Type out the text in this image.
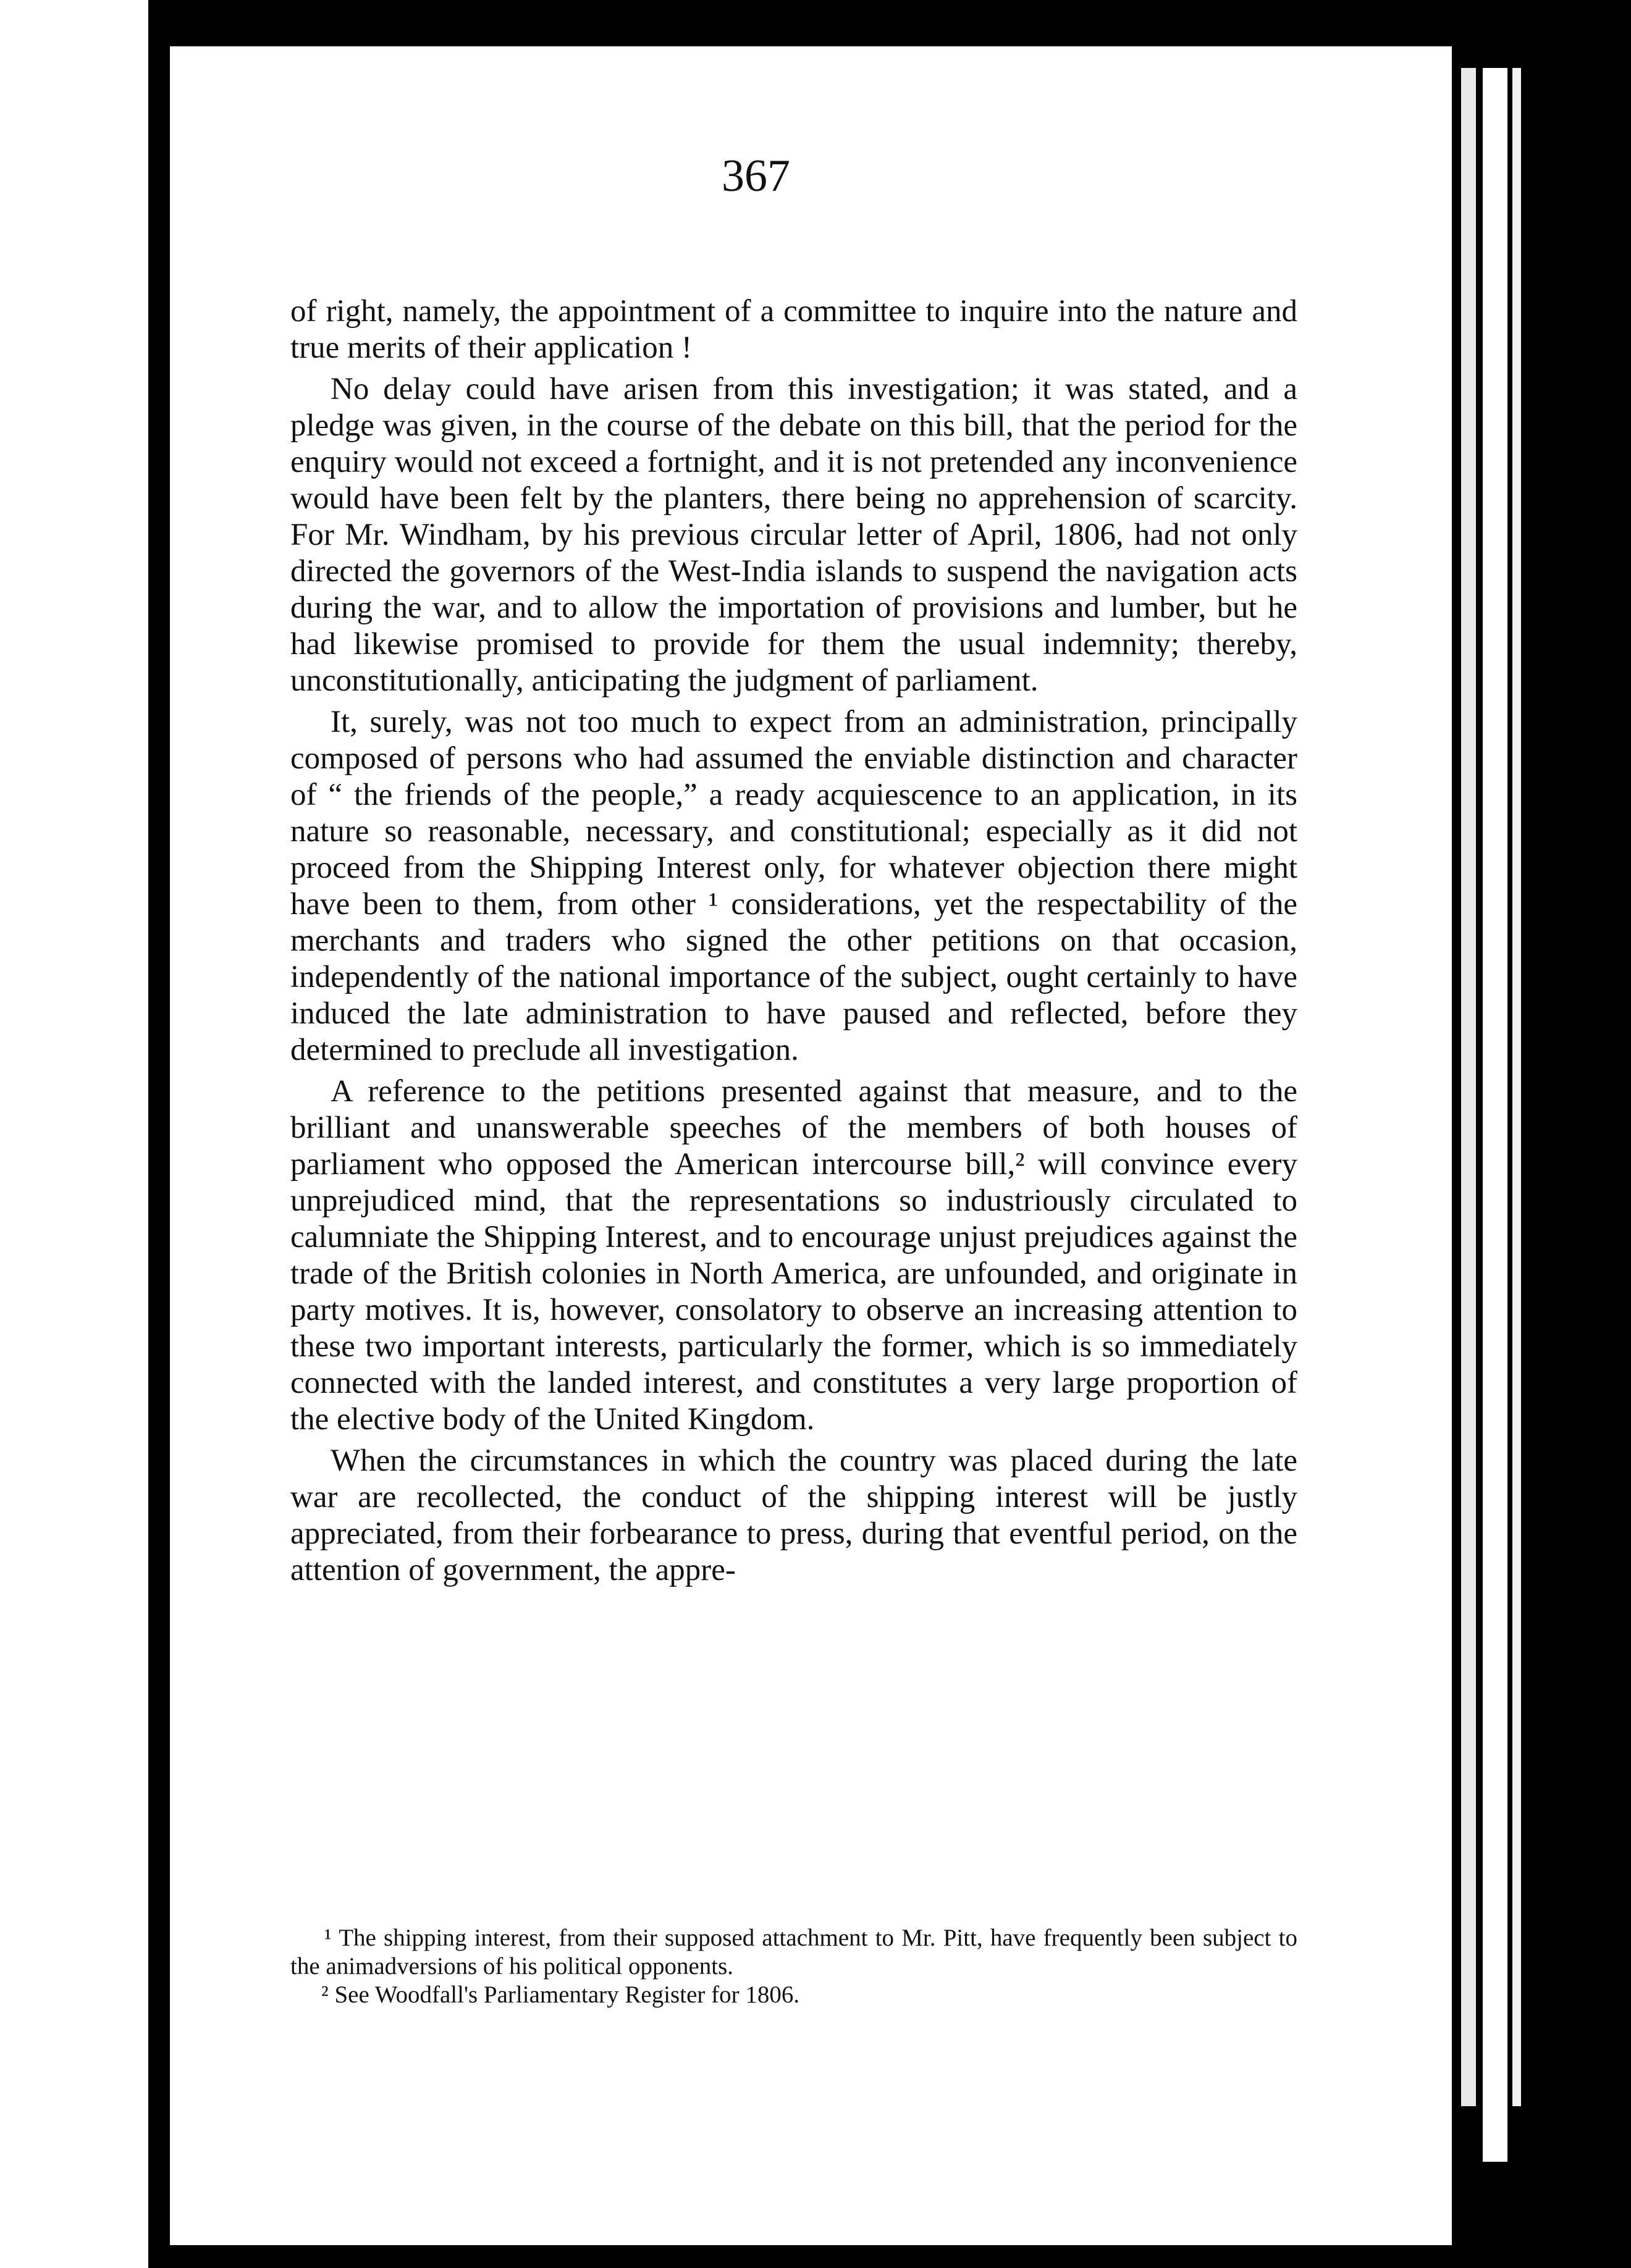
367

of right, namely, the appointment of a committee to inquire into the nature and true merits of their application !

No delay could have arisen from this investigation; it was stated, and a pledge was given, in the course of the debate on this bill, that the period for the enquiry would not exceed a fortnight, and it is not pretended any inconvenience would have been felt by the planters, there being no apprehension of scarcity. For Mr. Windham, by his previous circular letter of April, 1806, had not only directed the governors of the West-India islands to suspend the navigation acts during the war, and to allow the importation of provisions and lumber, but he had likewise promised to provide for them the usual indemnity; thereby, unconstitutionally, anticipating the judgment of parliament.

It, surely, was not too much to expect from an administration, principally composed of persons who had assumed the enviable distinction and character of “ the friends of the people,” a ready acquiescence to an application, in its nature so reasonable, necessary, and constitutional; especially as it did not proceed from the Shipping Interest only, for whatever objection there might have been to them, from other ¹ considerations, yet the respectability of the merchants and traders who signed the other petitions on that occasion, independently of the national importance of the subject, ought certainly to have induced the late administration to have paused and reflected, before they determined to preclude all investigation.

A reference to the petitions presented against that measure, and to the brilliant and unanswerable speeches of the members of both houses of parliament who opposed the American intercourse bill,² will convince every unprejudiced mind, that the representations so industriously circulated to calumniate the Shipping Interest, and to encourage unjust prejudices against the trade of the British colonies in North America, are unfounded, and originate in party motives. It is, however, consolatory to observe an increasing attention to these two important interests, particularly the former, which is so immediately connected with the landed interest, and constitutes a very large proportion of the elective body of the United Kingdom.

When the circumstances in which the country was placed during the late war are recollected, the conduct of the shipping interest will be justly appreciated, from their forbearance to press, during that eventful period, on the attention of government, the appre-

¹ The shipping interest, from their supposed attachment to Mr. Pitt, have frequently been subject to the animadversions of his political opponents.

² See Woodfall's Parliamentary Register for 1806.
